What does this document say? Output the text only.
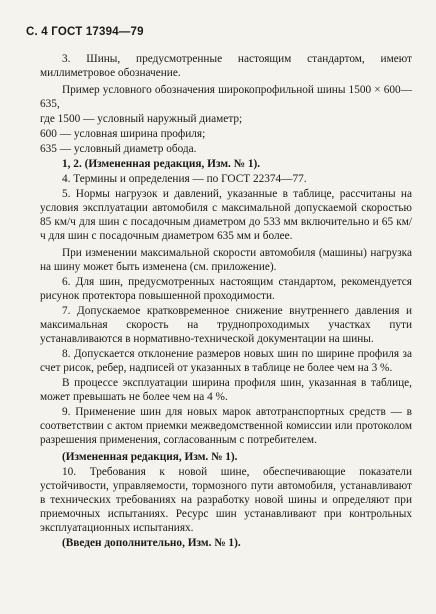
С. 4 ГОСТ 17394—79

3. Шины, предусмотренные настоящим стандартом, имеют миллиметровое обозначение.

Пример условного обозначения широкопрофильной шины 1500 × 600—635,

где 1500 — условный наружный диаметр;

600 — условная ширина профиля;

635 — условный диаметр обода.

1, 2. (Измененная редакция, Изм. № 1).

4. Термины и определения — по ГОСТ 22374—77.

5. Нормы нагрузок и давлений, указанные в таблице, рассчитаны на условия эксплуатации автомобиля с максимальной допускаемой скоростью 85 км/ч для шин с посадочным диаметром до 533 мм включительно и 65 км/ч для шин с посадочным диаметром 635 мм и более.

При изменении максимальной скорости автомобиля (машины) нагрузка на шину может быть изменена (см. приложение).

6. Для шин, предусмотренных настоящим стандартом, рекомендуется рисунок протектора повышенной проходимости.

7. Допускаемое кратковременное снижение внутреннего давления и максимальная скорость на труднопроходимых участках пути устанавливаются в нормативно-технической документации на шины.

8. Допускается отклонение размеров новых шин по ширине профиля за счет рисок, ребер, надписей от указанных в таблице не более чем на 3 %.

В процессе эксплуатации ширина профиля шин, указанная в таблице, может превышать не более чем на 4 %.

9. Применение шин для новых марок автотранспортных средств — в соответствии с актом приемки межведомственной комиссии или протоколом разрешения применения, согласованным с потребителем.

(Измененная редакция, Изм. № 1).

10. Требования к новой шине, обеспечивающие показатели устойчивости, управляемости, тормозного пути автомобиля, устанавливают в технических требованиях на разработку новой шины и определяют при приемочных испытаниях. Ресурс шин устанавливают при контрольных эксплуатационных испытаниях.

(Введен дополнительно, Изм. № 1).
